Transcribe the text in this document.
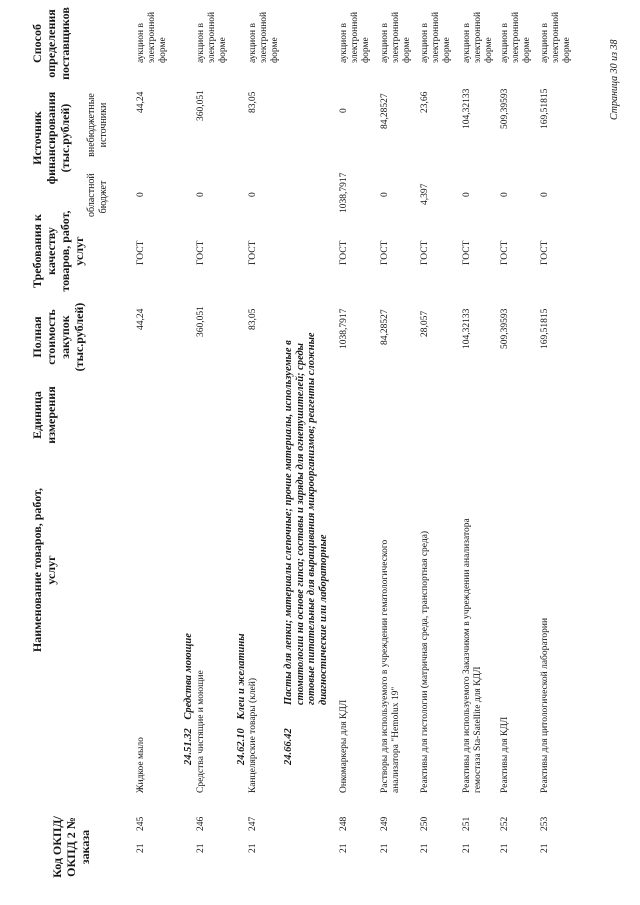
Код ОКПД/ ОКПД 2 № заказа
Наименование товаров, работ, услуг
Единица измерения
Полная стоимость закупок (тыс.рублей)
Требования к качеству товаров, работ, услуг
Источник финансирования (тыс.рублей)
областной бюджет
внебюджетные источники
Способ определения поставщиков
24.51.32 Средства моющие
24.62.10 Клеи и желатины
24.66.42
Пасты для лепки; материалы слепочные; прочие материалы, используемые в стоматологии на основе гипса; составы и заряды для огнетушителей; среды готовые питательные для выращивания микроорганизмов; реагенты сложные диагностические или лабораторные
21
245
Жидкое мыло
44,24
ГОСТ
0
44,24
аукцион в электронной форме
21
246
Средства чистящие и моющие
360,051
ГОСТ
0
360,051
аукцион в электронной форме
21
247
Канцелярские товары (клей)
83,05
ГОСТ
0
83,05
аукцион в электронной форме
21
248
Онкомаркеры для КДЛ
1038,7917
ГОСТ
1038,7917
0
аукцион в электронной форме
21
249
Растворы для используемого в учреждении гематологического анализатора "Hemolux 19"
84,28527
ГОСТ
0
84,28527
аукцион в электронной форме
21
250
Реактивы для гистологии (матричная среда, транспортная среда)
28,057
ГОСТ
4,397
23,66
аукцион в электронной форме
21
251
Реактивы для используемого Заказчиком в учреждении анализатора гемостаза Sta-Satellite для КДЛ
104,32133
ГОСТ
0
104,32133
аукцион в электронной форме
21
252
Реактивы для КДЛ
509,39593
ГОСТ
0
509,39593
аукцион в электронной форме
21
253
Реактивы для цитологической лаборатории
169,51815
ГОСТ
0
169,51815
аукцион в электронной форме	Страница 30 из 38
